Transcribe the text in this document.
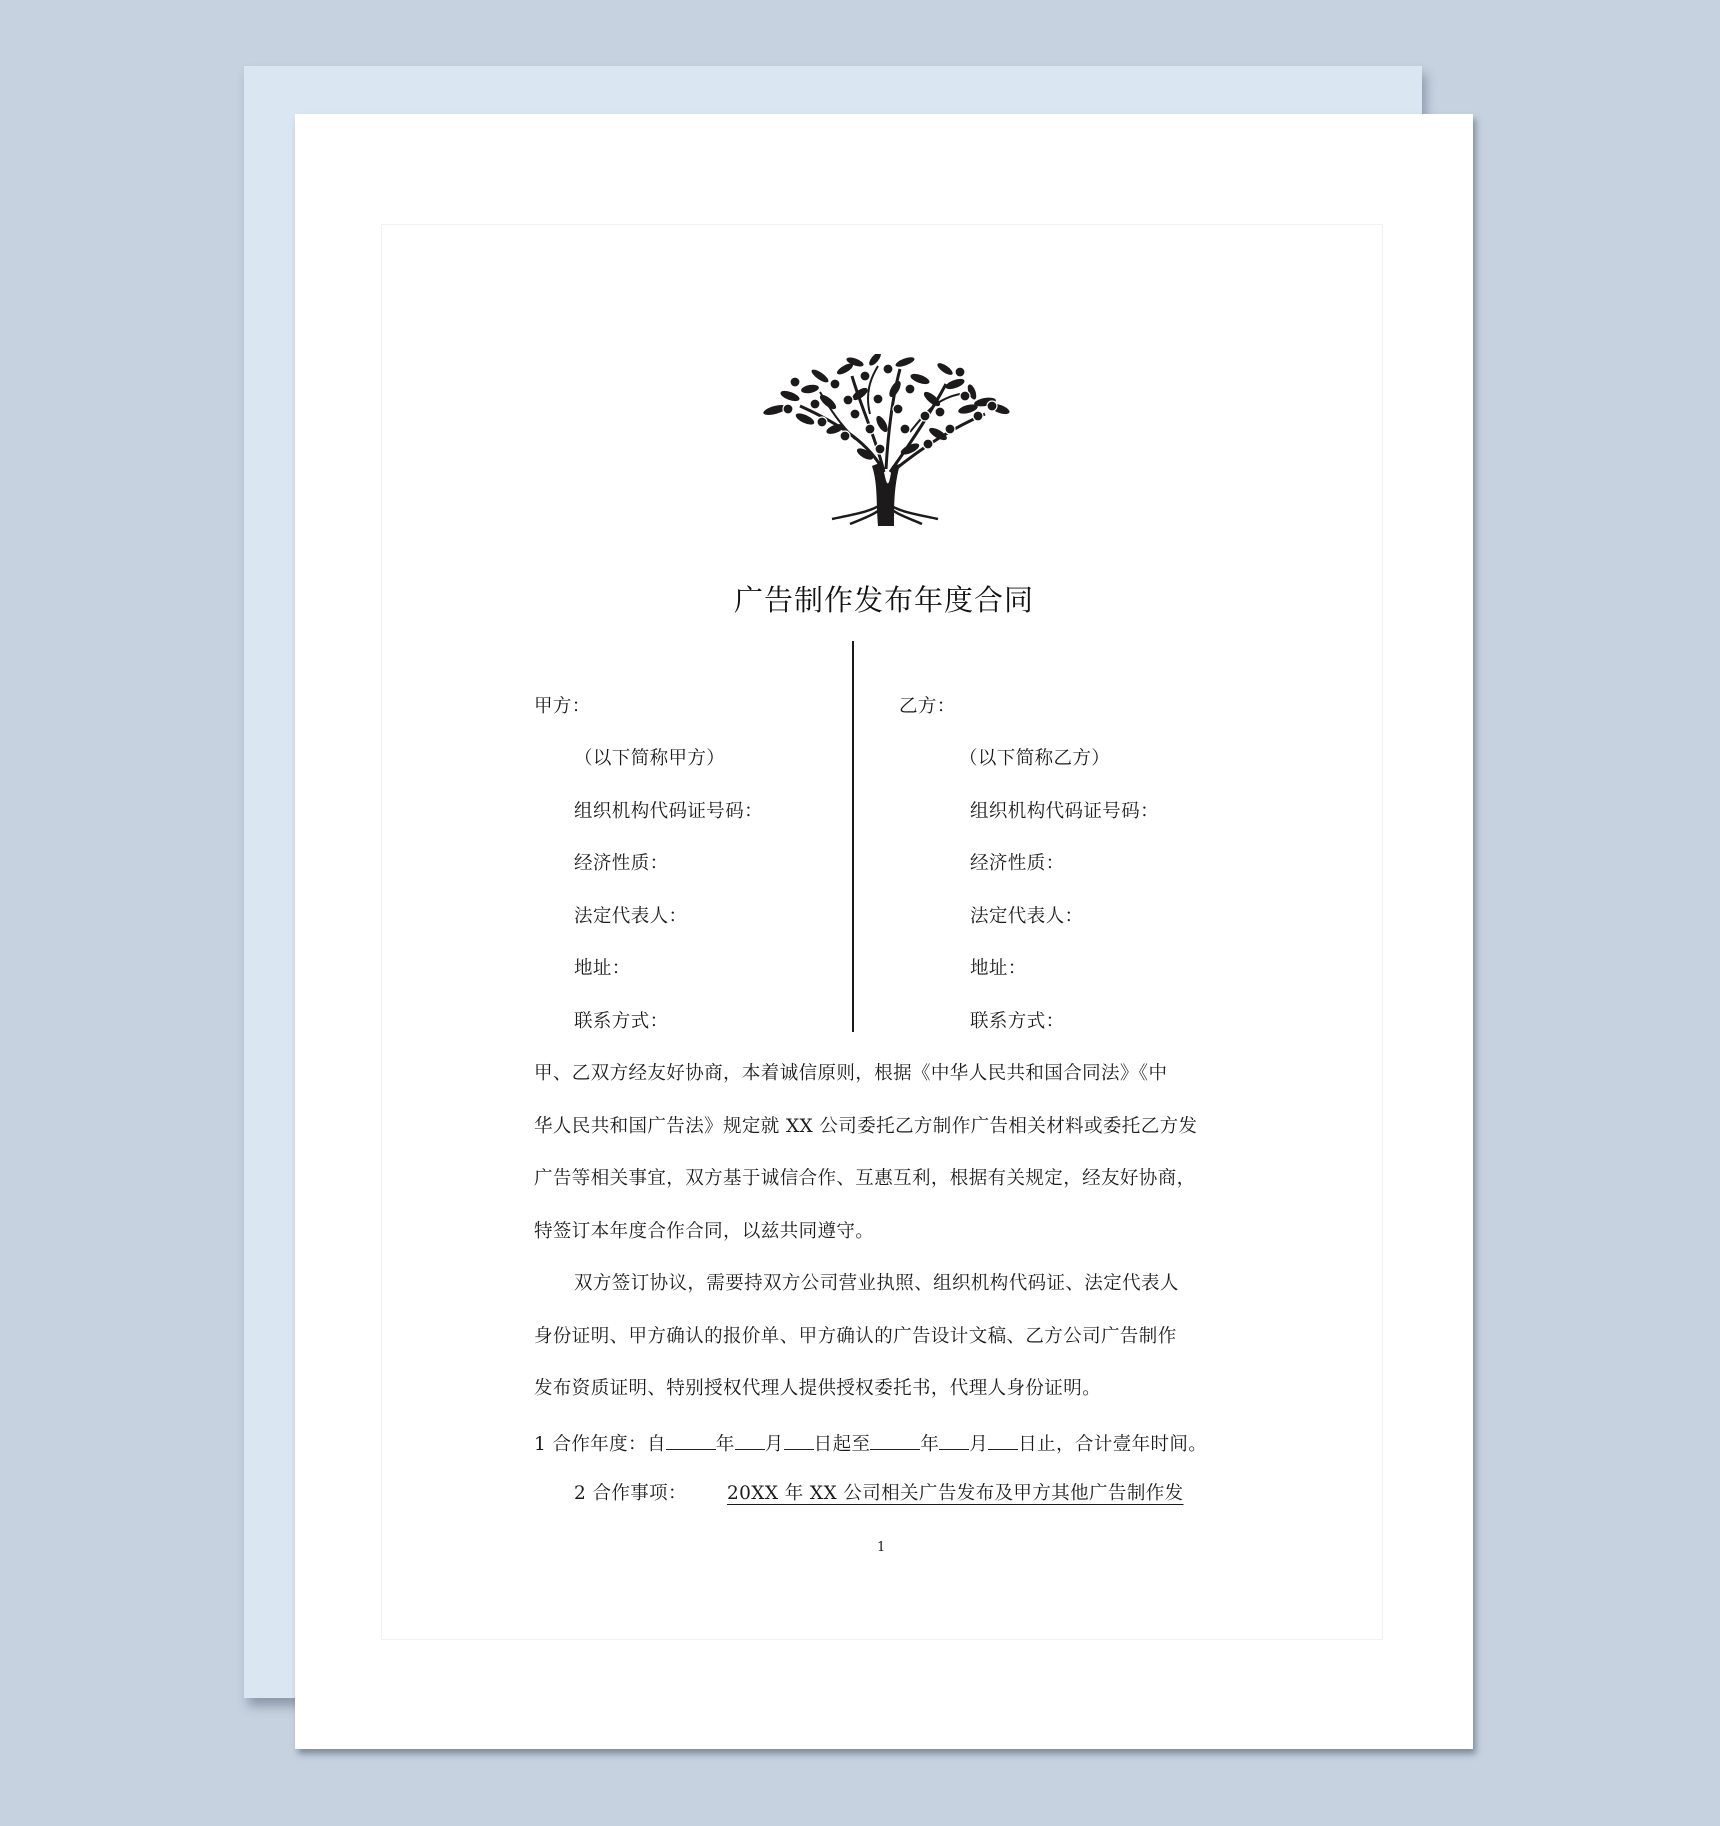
广告制作发布年度合同
甲方：
（以下简称甲方）
组织机构代码证号码：
经济性质：
法定代表人：
地址：
联系方式：
乙方：
（以下简称乙方）
组织机构代码证号码：
经济性质：
法定代表人：
地址：
联系方式：
甲、乙双方经友好协商，本着诚信原则，根据《中华人民共和国合同法》《中
华人民共和国广告法》规定就 XX 公司委托乙方制作广告相关材料或委托乙方发
广告等相关事宜，双方基于诚信合作、互惠互利，根据有关规定，经友好协商，
特签订本年度合作合同，以兹共同遵守。
双方签订协议，需要持双方公司营业执照、组织机构代码证、法定代表人
身份证明、甲方确认的报价单、甲方确认的广告设计文稿、乙方公司广告制作
发布资质证明、特别授权代理人提供授权委托书，代理人身份证明。
1 合作年度：自	年 月 日起至	年 月 日止，合计壹年时间。
2 合作事项： 20XX 年 XX 公司相关广告发布及甲方其他广告制作发
1
